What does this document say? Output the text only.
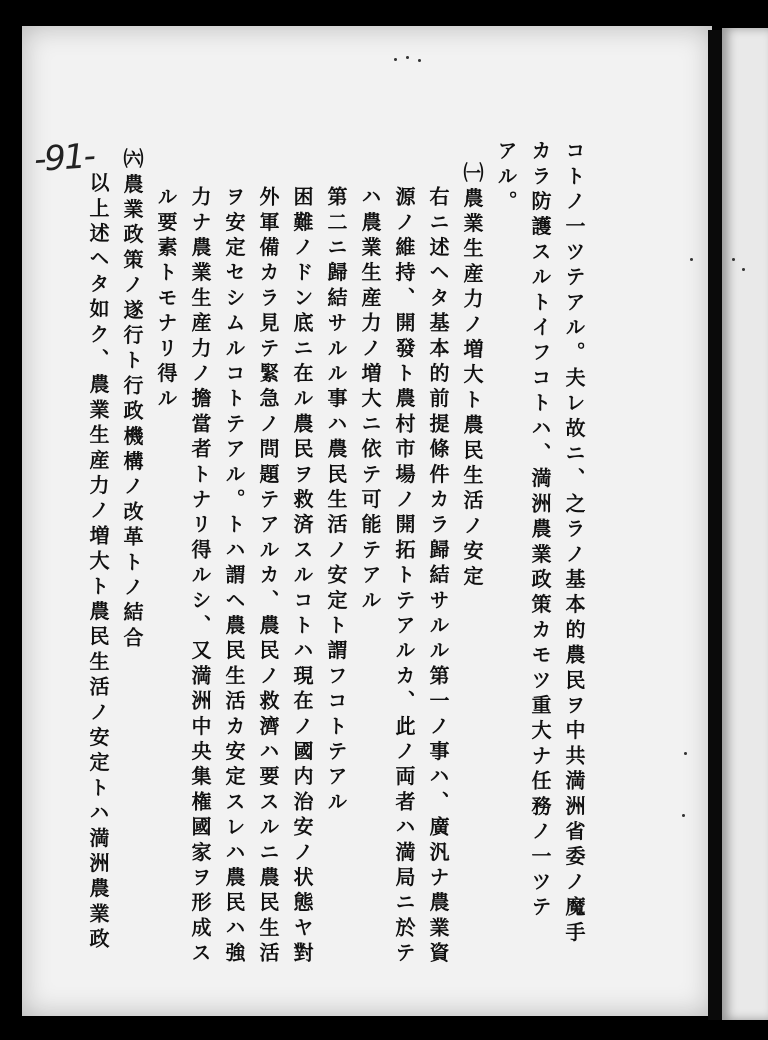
-91-	コトノ一ツテアル。夫レ故ニ、之ラノ基本的農民ヲ中共満洲省委ノ魔手
カラ防護スルトイフコトハ、満洲農業政策カモツ重大ナ任務ノ一ツテ
アル。
㈠農業生産力ノ増大ト農民生活ノ安定
右ニ述ヘタ基本的前提條件カラ歸結サルル第一ノ事ハ、廣汎ナ農業資
源ノ維持、開發ト農村市場ノ開拓トテアルカ、此ノ両者ハ満局ニ於テ
ハ農業生産力ノ増大ニ依テ可能テアル
第二ニ歸結サルル事ハ農民生活ノ安定ト謂フコトテアル
困難ノドン底ニ在ル農民ヲ救済スルコトハ現在ノ國内治安ノ状態ヤ對
外軍備カラ見テ緊急ノ問題テアルカ、農民ノ救濟ハ要スルニ農民生活
ヲ安定セシムルコトテアル。トハ謂ヘ農民生活カ安定スレハ農民ハ強
力ナ農業生産力ノ擔當者トナリ得ルシ、又満洲中央集権國家ヲ形成ス
ル要素トモナリ得ル
㈥農業政策ノ遂行ト行政機構ノ改革トノ結合
以上述ヘタ如ク、農業生産力ノ増大ト農民生活ノ安定トハ満洲農業政
